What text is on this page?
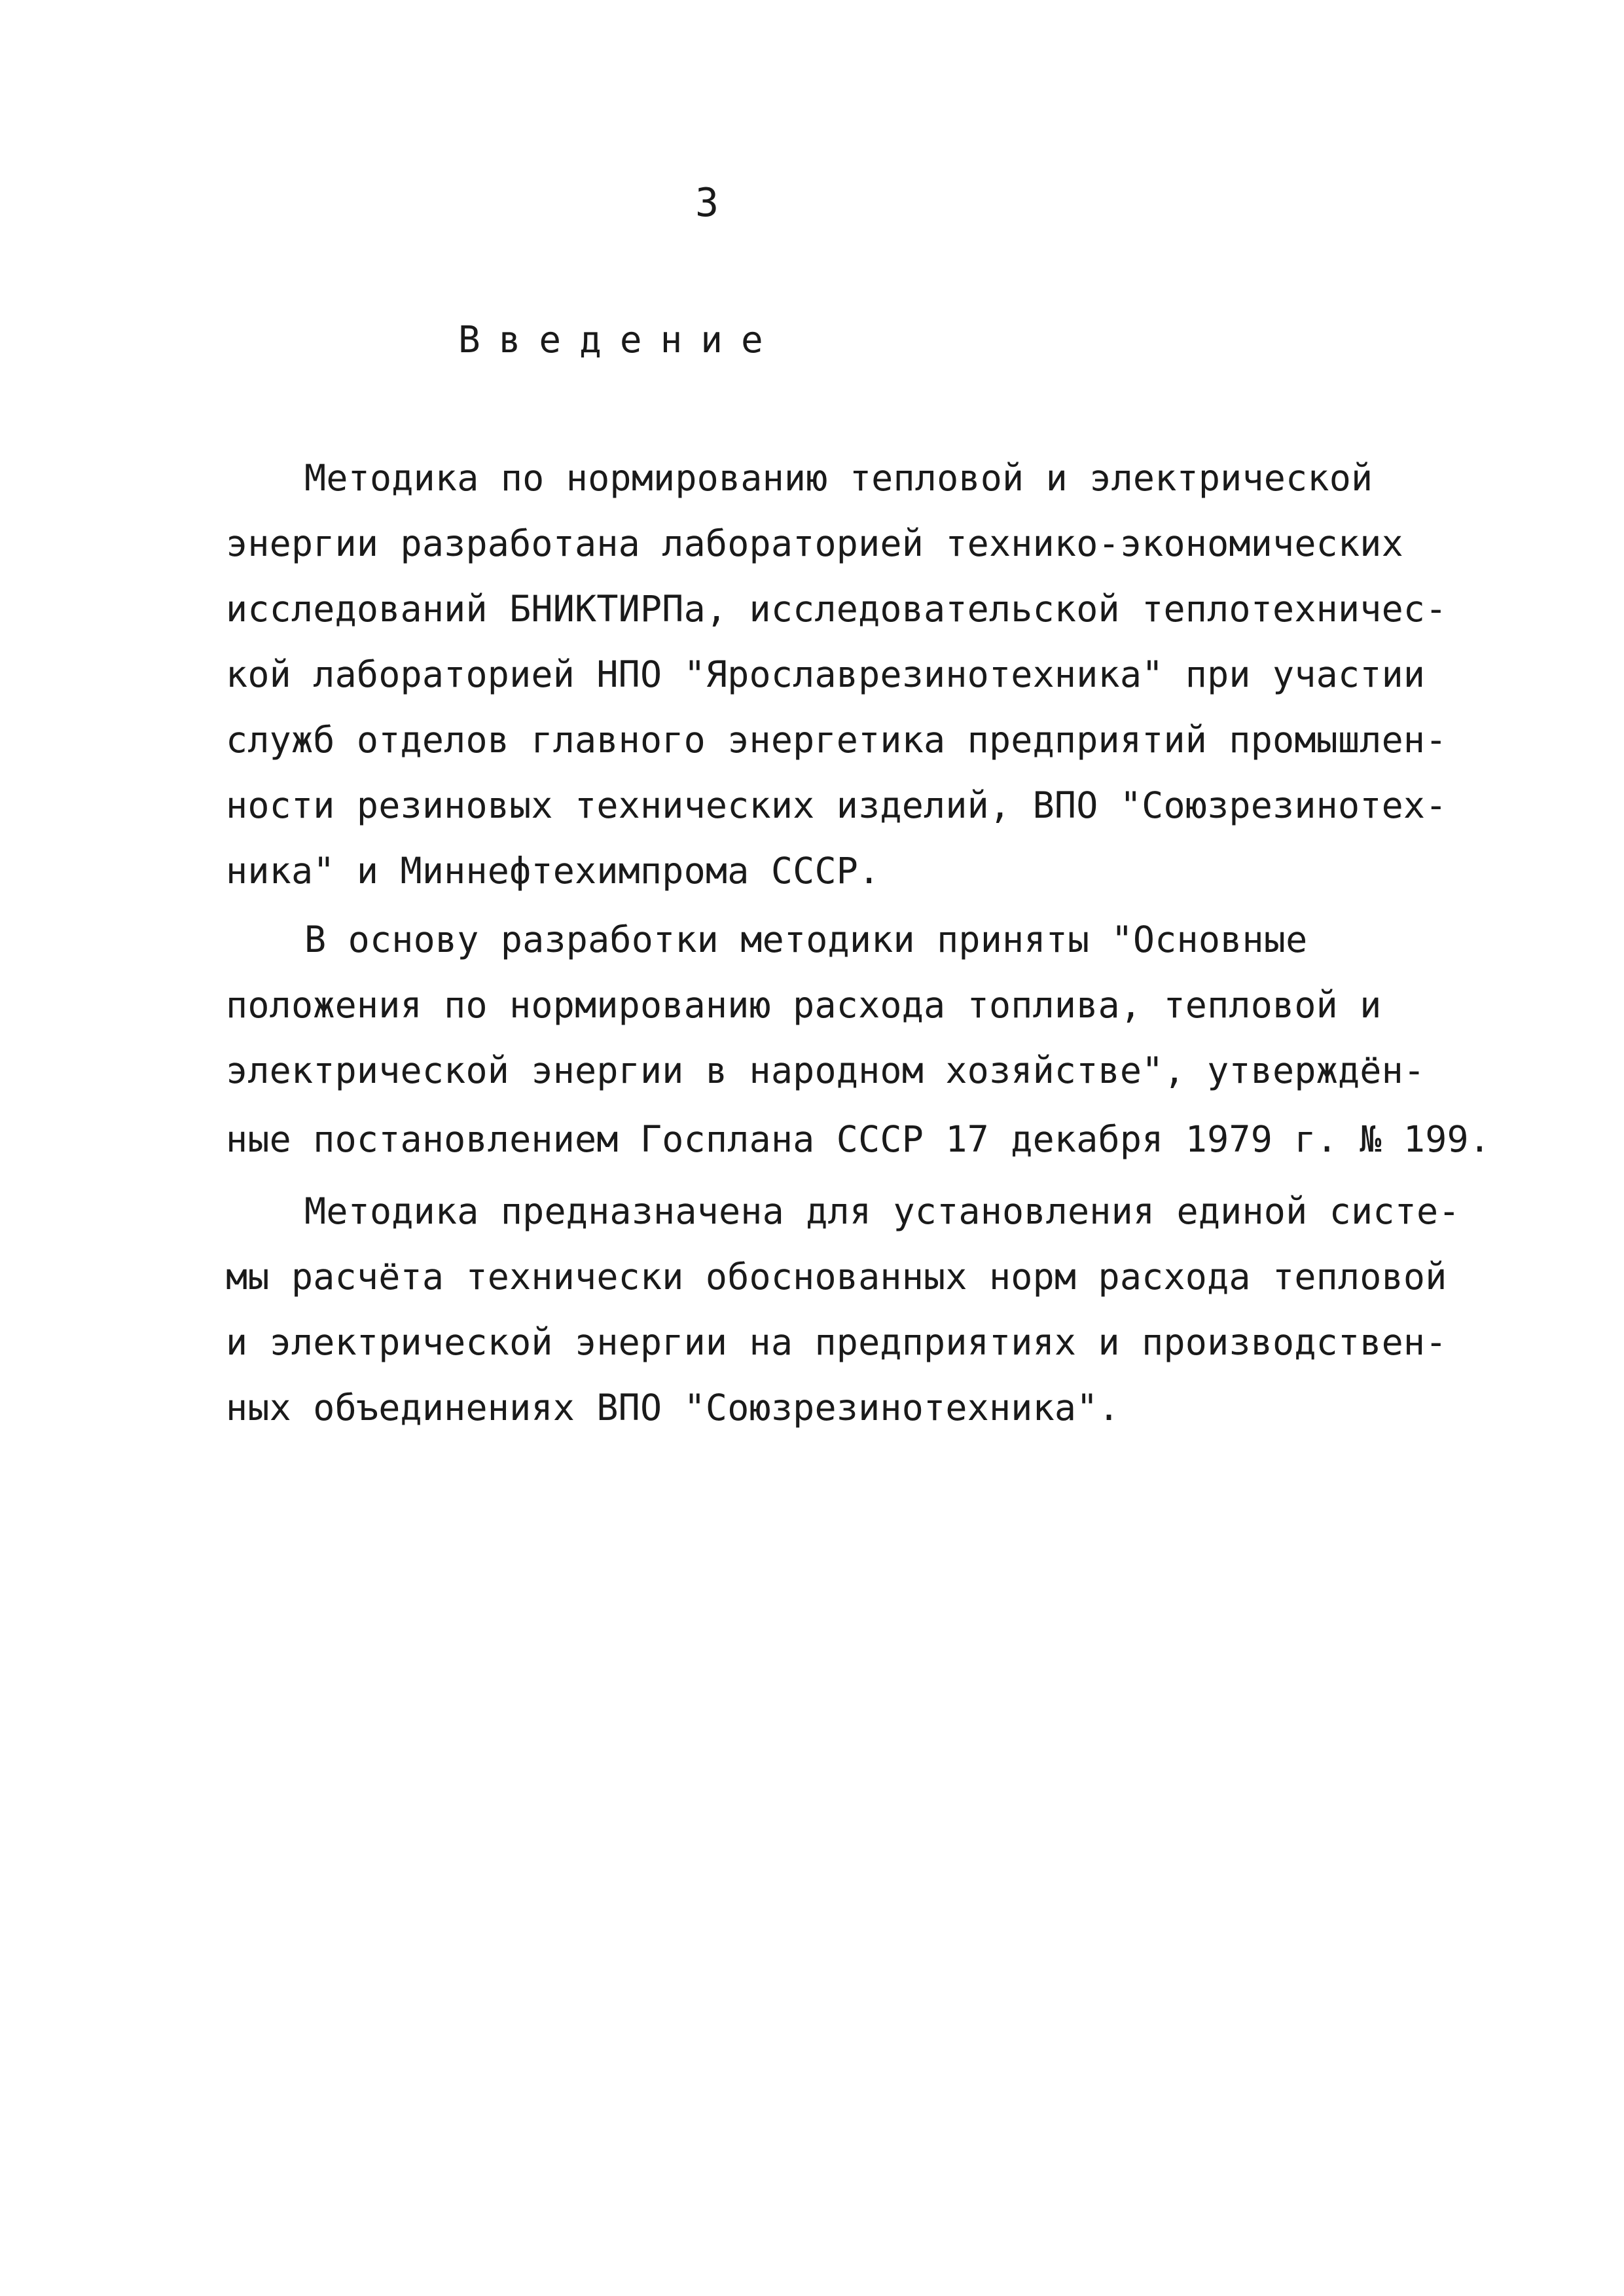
3
Введение
Методика по нормированию тепловой и электрической
энергии разработана лабораторией технико-экономических
исследований БНИКТИРПа, исследовательской теплотехничес-
кой лабораторией НПО "Ярославрезинотехника" при участии
служб отделов главного энергетика предприятий промышлен-
ности резиновых технических изделий, ВПО "Союзрезинотех-
ника" и Миннефтехимпрома СССР.
В основу разработки методики приняты "Основные
положения по нормированию расхода топлива, тепловой и
электрической энергии в народном хозяйстве", утверждён-
ные постановлением Госплана СССР 17 декабря 1979 г. № 199.
Методика предназначена для установления единой систе-
мы расчёта технически обоснованных норм расхода тепловой
и электрической энергии на предприятиях и производствен-
ных объединениях ВПО "Союзрезинотехника".
